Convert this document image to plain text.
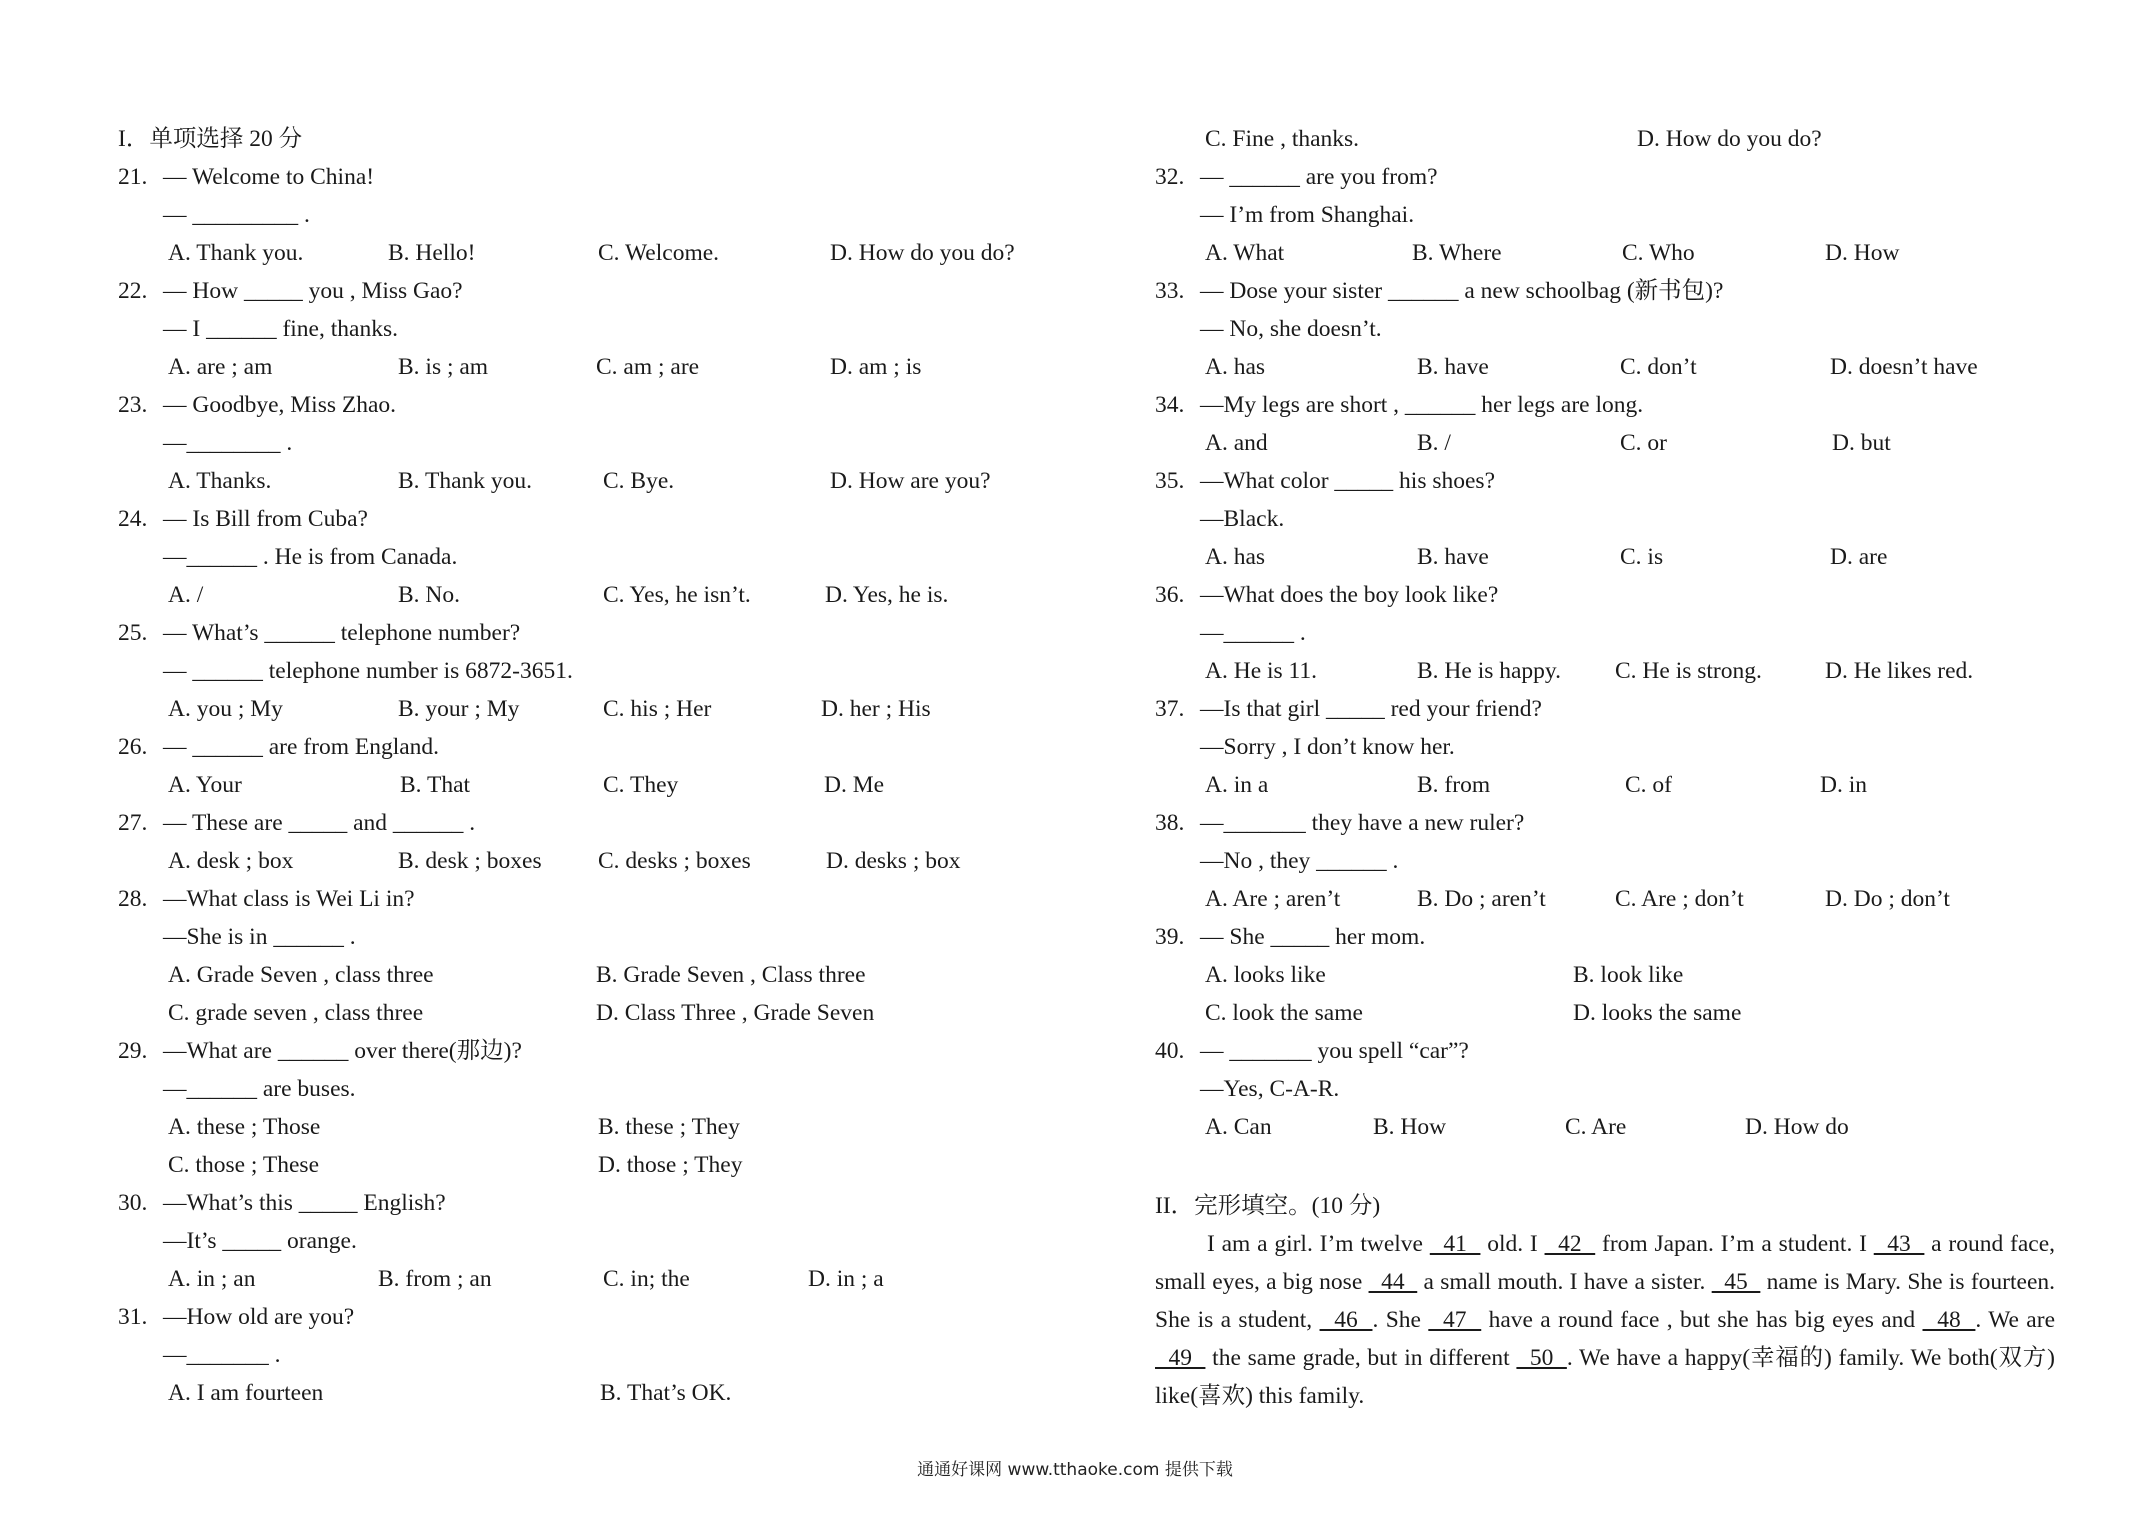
I．单项选择 20 分
21. — Welcome to China!
— _________ .
A. Thank you.	B. Hello!	C. Welcome.	D. How do you do?
22. — How _____ you , Miss Gao?
— I ______ fine, thanks.
A. are ; am	B. is ; am	C. am ; are	D. am ; is
23. — Goodbye, Miss Zhao.
—________ .
A. Thanks.	B. Thank you.	C. Bye.	D. How are you?
24. — Is Bill from Cuba?
—______ . He is from Canada.
A. /	B. No.	C. Yes, he isn’t.	D. Yes, he is.
25. — What’s ______ telephone number?
— ______ telephone number is 6872-3651.
A. you ; My	B. your ; My	C. his ; Her	D. her ; His
26. — ______ are from England.
A. Your	B. That	C. They	D. Me
27. — These are _____ and ______ .
A. desk ; box	B. desk ; boxes C. desks ; boxes	D. desks ; box
28. —What class is Wei Li in?
—She is in ______ .
A. Grade Seven , class three	B. Grade Seven , Class three
C. grade seven , class three	D. Class Three , Grade Seven
29. —What are ______ over there(那边)?
—______ are buses.
A. these ; Those	B. these ; They
C. those ; These	D. those ; They
30. —What’s this _____ English?
—It’s _____ orange.
A. in ; an	B. from ; an	C. in; the	D. in ; a
31. —How old are you?
—_______ .
A. I am fourteen	B. That’s OK.
C. Fine , thanks.	D. How do you do?
32. — ______ are you from?
— I’m from Shanghai.
A. What	B. Where	C. Who	D. How
33. — Dose your sister ______ a new schoolbag (新书包)?
— No, she doesn’t.
A. has	B. have	C. don’t	D. doesn’t have
34. —My legs are short , ______ her legs are long.
A. and	B. /	C. or	D. but
35. —What color _____ his shoes?
—Black.
A. has	B. have	C. is	D. are
36. —What does the boy look like?
—______ .
A. He is 11.	B. He is happy. C. He is strong.	D. He likes red.
37. —Is that girl _____ red your friend?
—Sorry , I don’t know her.
A. in a	B. from	C. of	D. in
38. —_______ they have a new ruler?
—No , they ______ .
A. Are ; aren’t	B. Do ; aren’t	C. Are ; don’t	D. Do ; don’t
39. — She _____ her mom.
A. looks like	B. look like
C. look the same	D. looks the same
40. — _______ you spell “car”?
—Yes, C-A-R.
A. Can	B. How	C. Are	D. How do
II．完形填空。(10 分)

I am a girl. I’m twelve   41   old. I   42   from Japan. I’m a student. I   43   a round face, small eyes, a big nose   44   a small mouth. I have a sister.   45   name is Mary. She is fourteen. She is a student,   46  . She   47   have a round face , but she has big eyes and   48  . We are   49   the same grade, but in different   50  . We have a happy(幸福的) family. We both(双方) like(喜欢) this family.

通通好课网 www.tthaoke.com 提供下载
